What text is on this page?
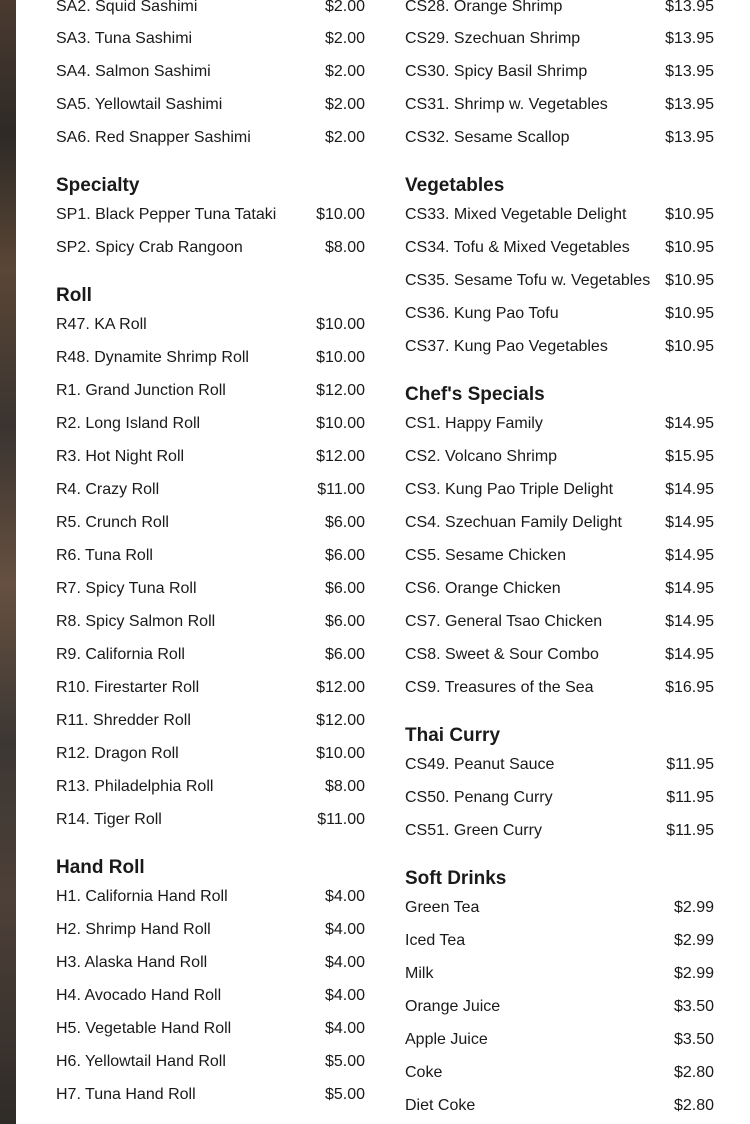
SA2. Squid Sashimi	$2.00
SA3. Tuna Sashimi	$2.00
SA4. Salmon Sashimi	$2.00
SA5. Yellowtail Sashimi	$2.00
SA6. Red Snapper Sashimi	$2.00
Specialty
SP1. Black Pepper Tuna Tataki $10.00
SP2. Spicy Crab Rangoon	$8.00
Roll
R47. KA Roll	$10.00
R48. Dynamite Shrimp Roll	$10.00
R1. Grand Junction Roll	$12.00
R2. Long Island Roll	$10.00
R3. Hot Night Roll	$12.00
R4. Crazy Roll	$11.00
R5. Crunch Roll	$6.00
R6. Tuna Roll	$6.00
R7. Spicy Tuna Roll	$6.00
R8. Spicy Salmon Roll	$6.00
R9. California Roll	$6.00
R10. Firestarter Roll	$12.00
R11. Shredder Roll	$12.00
R12. Dragon Roll	$10.00
R13. Philadelphia Roll	$8.00
R14. Tiger Roll	$11.00
Hand Roll
H1. California Hand Roll	$4.00
H2. Shrimp Hand Roll	$4.00
H3. Alaska Hand Roll	$4.00
H4. Avocado Hand Roll	$4.00
H5. Vegetable Hand Roll	$4.00
H6. Yellowtail Hand Roll	$5.00
H7. Tuna Hand Roll	$5.00
CS28. Orange Shrimp	$13.95
CS29. Szechuan Shrimp	$13.95
CS30. Spicy Basil Shrimp	$13.95
CS31. Shrimp w. Vegetables	$13.95
CS32. Sesame Scallop	$13.95
Vegetables
CS33. Mixed Vegetable Delight $10.95
CS34. Tofu & Mixed Vegetables $10.95
CS35. Sesame Tofu w. Vegetables $10.95
CS36. Kung Pao Tofu	$10.95
CS37. Kung Pao Vegetables	$10.95
Chef's Specials
CS1. Happy Family	$14.95
CS2. Volcano Shrimp	$15.95
CS3. Kung Pao Triple Delight	$14.95
CS4. Szechuan Family Delight	$14.95
CS5. Sesame Chicken	$14.95
CS6. Orange Chicken	$14.95
CS7. General Tsao Chicken	$14.95
CS8. Sweet & Sour Combo	$14.95
CS9. Treasures of the Sea	$16.95
Thai Curry
CS49. Peanut Sauce	$11.95
CS50. Penang Curry	$11.95
CS51. Green Curry	$11.95
Soft Drinks
Green Tea	$2.99
Iced Tea	$2.99
Milk	$2.99
Orange Juice	$3.50
Apple Juice	$3.50
Coke	$2.80
Diet Coke	$2.80
